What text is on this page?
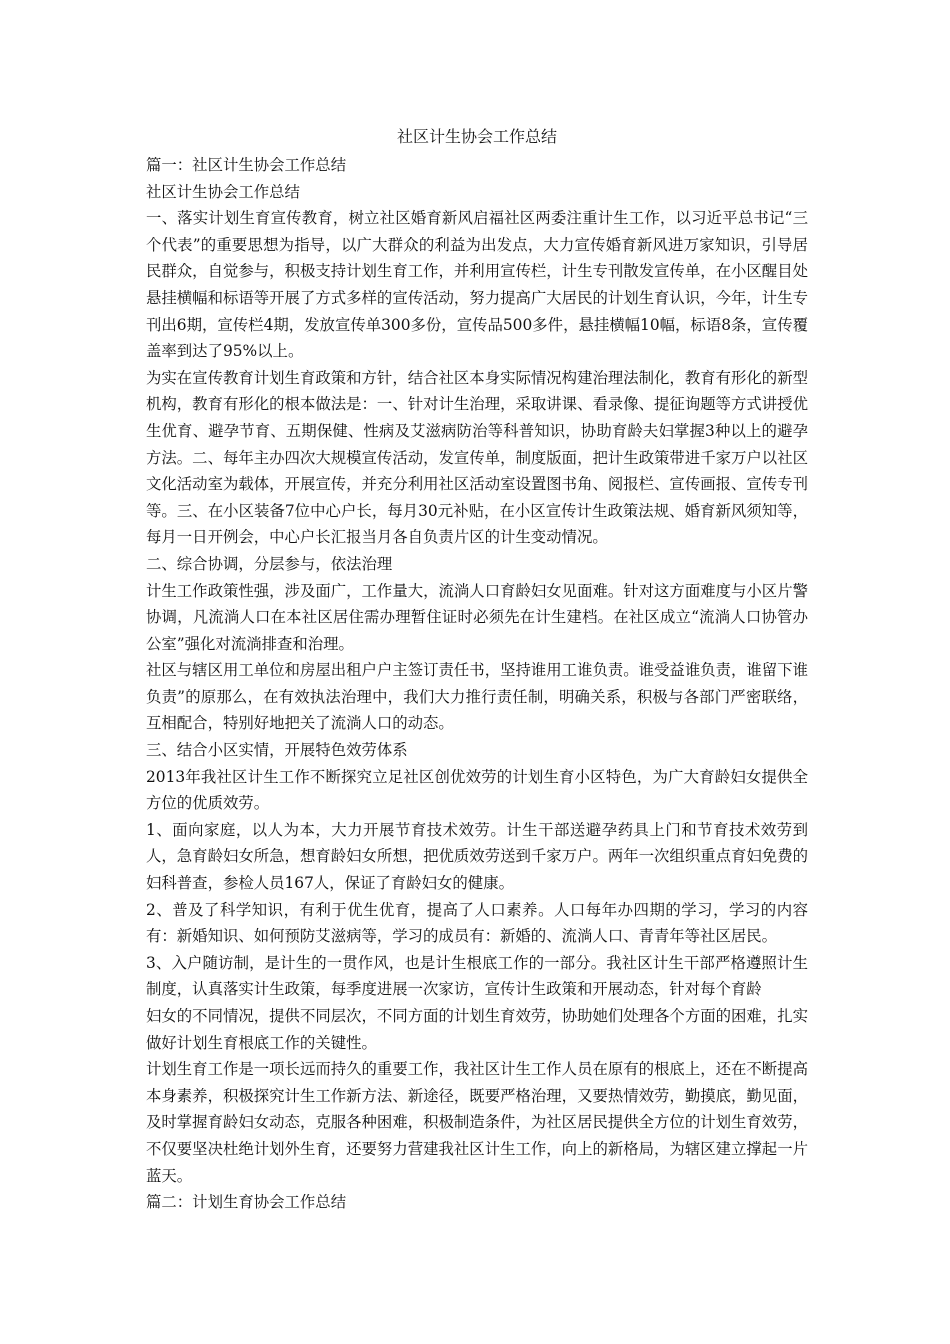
社区计生协会工作总结

篇一：社区计生协会工作总结

社区计生协会工作总结

一、落实计划生育宣传教育，树立社区婚育新风启福社区两委注重计生工作，以习近平总书记“三个代表”的重要思想为指导，以广大群众的利益为出发点，大力宣传婚育新风进万家知识，引导居民群众，自觉参与，积极支持计划生育工作，并利用宣传栏，计生专刊散发宣传单，在小区醒目处悬挂横幅和标语等开展了方式多样的宣传活动，努力提高广大居民的计划生育认识，今年，计生专刊出6期，宣传栏4期，发放宣传单300多份，宣传品500多件，悬挂横幅10幅，标语8条，宣传覆盖率到达了95%以上。

为实在宣传教育计划生育政策和方针，结合社区本身实际情况构建治理法制化，教育有形化的新型机构，教育有形化的根本做法是：一、针对计生治理，采取讲课、看录像、提征询题等方式讲授优生优育、避孕节育、五期保健、性病及艾滋病防治等科普知识，协助育龄夫妇掌握3种以上的避孕方法。二、每年主办四次大规模宣传活动，发宣传单，制度版面，把计生政策带进千家万户以社区文化活动室为载体，开展宣传，并充分利用社区活动室设置图书角、阅报栏、宣传画报、宣传专刊等。三、在小区装备7位中心户长，每月30元补贴，在小区宣传计生政策法规、婚育新风须知等，每月一日开例会，中心户长汇报当月各自负责片区的计生变动情况。

二、综合协调，分层参与，依法治理

计生工作政策性强，涉及面广，工作量大，流淌人口育龄妇女见面难。针对这方面难度与小区片警协调，凡流淌人口在本社区居住需办理暂住证时必须先在计生建档。在社区成立“流淌人口协管办公室”强化对流淌排查和治理。

社区与辖区用工单位和房屋出租户户主签订责任书，坚持谁用工谁负责。谁受益谁负责，谁留下谁负责”的原那么，在有效执法治理中，我们大力推行责任制，明确关系，积极与各部门严密联络，互相配合，特别好地把关了流淌人口的动态。

三、结合小区实情，开展特色效劳体系

2013年我社区计生工作不断探究立足社区创优效劳的计划生育小区特色，为广大育龄妇女提供全方位的优质效劳。

1、面向家庭，以人为本，大力开展节育技术效劳。计生干部送避孕药具上门和节育技术效劳到人，急育龄妇女所急，想育龄妇女所想，把优质效劳送到千家万户。两年一次组织重点育妇免费的妇科普查，参检人员167人，保证了育龄妇女的健康。

2、普及了科学知识，有利于优生优育，提高了人口素养。人口每年办四期的学习，学习的内容有：新婚知识、如何预防艾滋病等，学习的成员有：新婚的、流淌人口、青青年等社区居民。

3、入户随访制，是计生的一贯作风，也是计生根底工作的一部分。我社区计生干部严格遵照计生制度，认真落实计生政策，每季度进展一次家访，宣传计生政策和开展动态，针对每个育龄

妇女的不同情况，提供不同层次，不同方面的计划生育效劳，协助她们处理各个方面的困难，扎实做好计划生育根底工作的关键性。

计划生育工作是一项长远而持久的重要工作，我社区计生工作人员在原有的根底上，还在不断提高本身素养，积极探究计生工作新方法、新途径，既要严格治理，又要热情效劳，勤摸底，勤见面，及时掌握育龄妇女动态，克服各种困难，积极制造条件，为社区居民提供全方位的计划生育效劳，不仅要坚决杜绝计划外生育，还要努力营建我社区计生工作，向上的新格局，为辖区建立撑起一片蓝天。

篇二：计划生育协会工作总结
